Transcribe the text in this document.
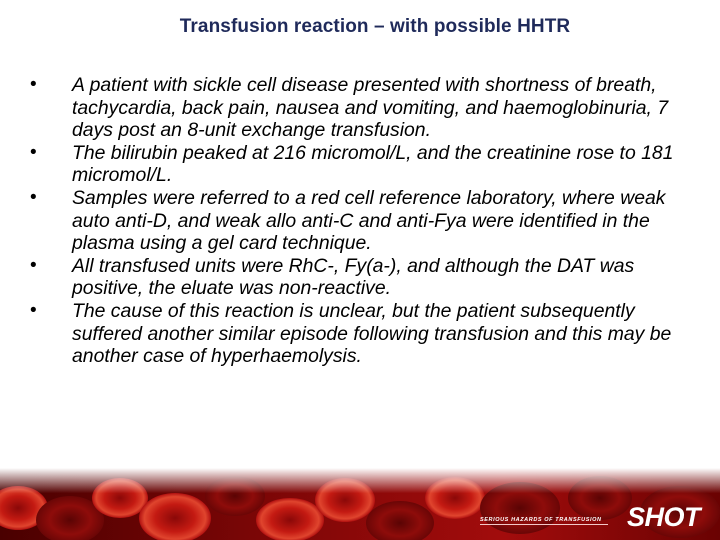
Transfusion reaction – with possible HHTR
• A patient with sickle cell disease presented with shortness of breath, tachycardia, back pain, nausea and vomiting, and haemoglobinuria, 7 days post an 8-unit exchange transfusion.
• The bilirubin peaked at 216 micromol/L, and the creatinine rose to 181 micromol/L.
• Samples were referred to a red cell reference laboratory, where weak auto anti-D, and weak allo anti-C and anti-Fya were identified in the plasma using a gel card technique.
• All transfused units were RhC-, Fy(a-), and although the DAT was positive, the eluate was non-reactive.
• The cause of this reaction is unclear, but the patient subsequently suffered another similar episode following transfusion and this may be another case of hyperhaemolysis.
SERIOUS HAZARDS OF TRANSFUSION SHOT
